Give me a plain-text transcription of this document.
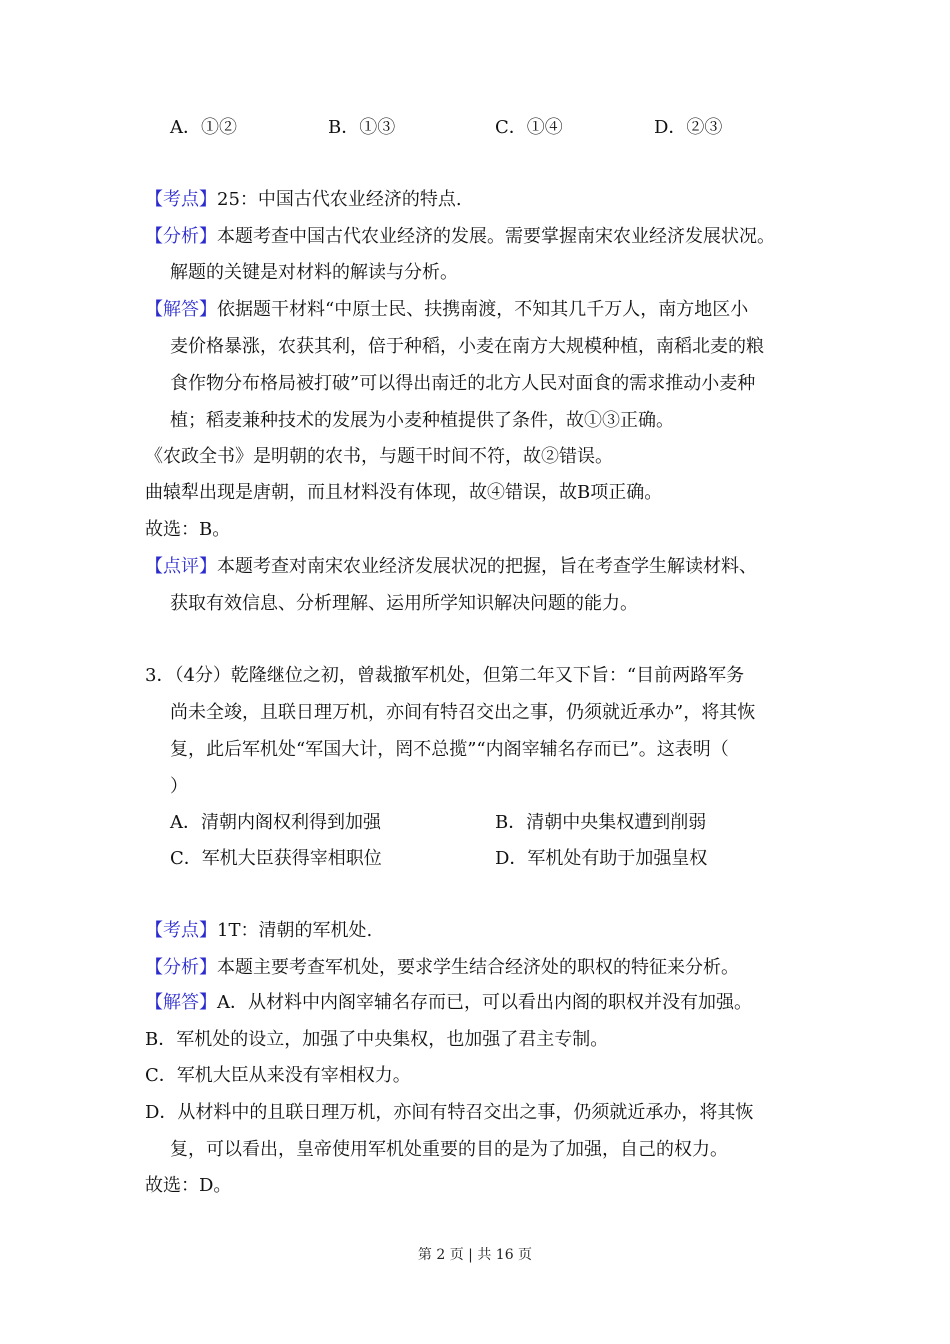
A．①②	B．①③	C．①④	D．②③
【考点】25：中国古代农业经济的特点.
【分析】本题考查中国古代农业经济的发展。需要掌握南宋农业经济发展状况。
解题的关键是对材料的解读与分析。
【解答】依据题干材料“中原士民、扶携南渡，不知其几千万人，南方地区小
麦价格暴涨，农获其利，倍于种稻，小麦在南方大规模种植，南稻北麦的粮
食作物分布格局被打破”可以得出南迁的北方人民对面食的需求推动小麦种
植；稻麦兼种技术的发展为小麦种植提供了条件，故①③正确。
《农政全书》是明朝的农书，与题干时间不符，故②错误。
曲辕犁出现是唐朝，而且材料没有体现，故④错误，故B项正确。
故选：B。
【点评】本题考查对南宋农业经济发展状况的把握，旨在考查学生解读材料、
获取有效信息、分析理解、运用所学知识解决问题的能力。
3．（4分）乾隆继位之初，曾裁撤军机处，但第二年又下旨：“目前两路军务
尚未全竣，且联日理万机，亦间有特召交出之事，仍须就近承办”，将其恢
复，此后军机处“军国大计，罔不总揽”“内阁宰辅名存而已”。这表明（
）
A．清朝内阁权利得到加强	B．清朝中央集权遭到削弱
C．军机大臣获得宰相职位	D．军机处有助于加强皇权
【考点】1T：清朝的军机处.
【分析】本题主要考查军机处，要求学生结合经济处的职权的特征来分析。
【解答】A．从材料中内阁宰辅名存而已，可以看出内阁的职权并没有加强。
B．军机处的设立，加强了中央集权，也加强了君主专制。
C．军机大臣从来没有宰相权力。
D．从材料中的且联日理万机，亦间有特召交出之事，仍须就近承办，将其恢
复，可以看出，皇帝使用军机处重要的目的是为了加强，自己的权力。
故选：D。
第 2 页 | 共 16 页
